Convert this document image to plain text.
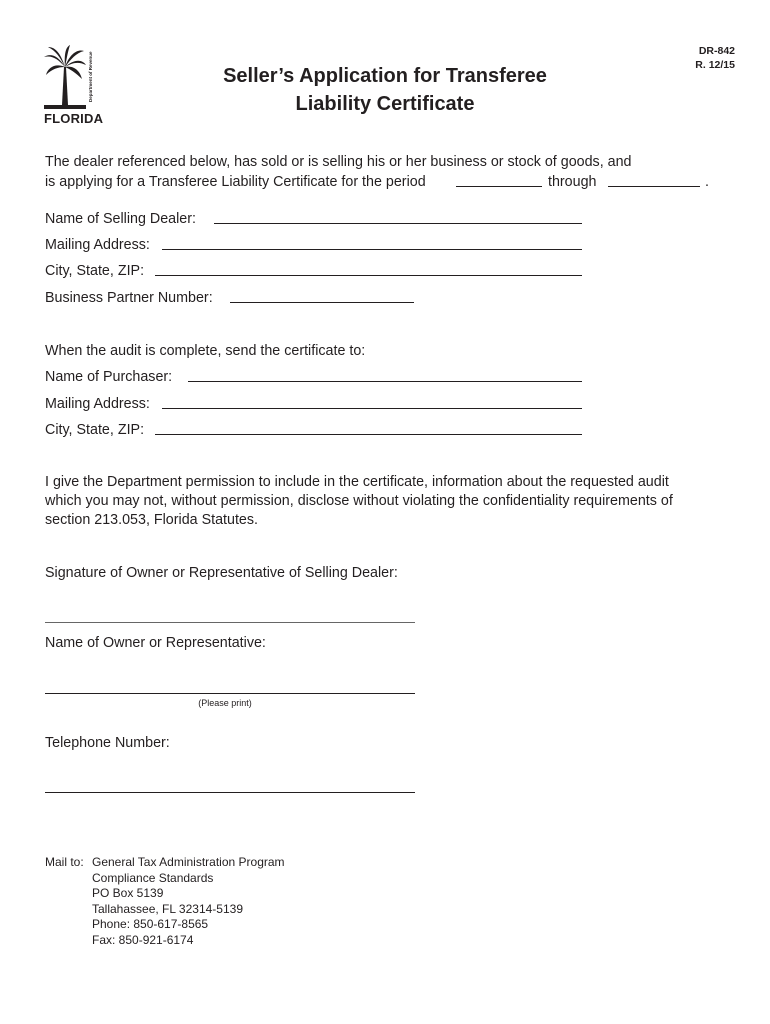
Department of Revenue
FLORIDA
Seller’s Application for Transferee
Liability Certificate
DR-842
R. 12/15
The dealer referenced below, has sold or is selling his or her business or stock of goods, and
is applying for a Transferee Liability Certificate for the period	through	.
Name of Selling Dealer:
Mailing Address:
City, State, ZIP:
Business Partner Number:
When the audit is complete, send the certificate to:
Name of Purchaser:
Mailing Address:
City, State, ZIP:
I give the Department permission to include in the certificate, information about the requested audit
which you may not, without permission, disclose without violating the confidentiality requirements of
section 213.053, Florida Statutes.
Signature of Owner or Representative of Selling Dealer:
Name of Owner or Representative:
(Please print)
Telephone Number:
Mail to: General Tax Administration Program
Compliance Standards
PO Box 5139
Tallahassee, FL 32314-5139
Phone: 850-617-8565
Fax: 850-921-6174
